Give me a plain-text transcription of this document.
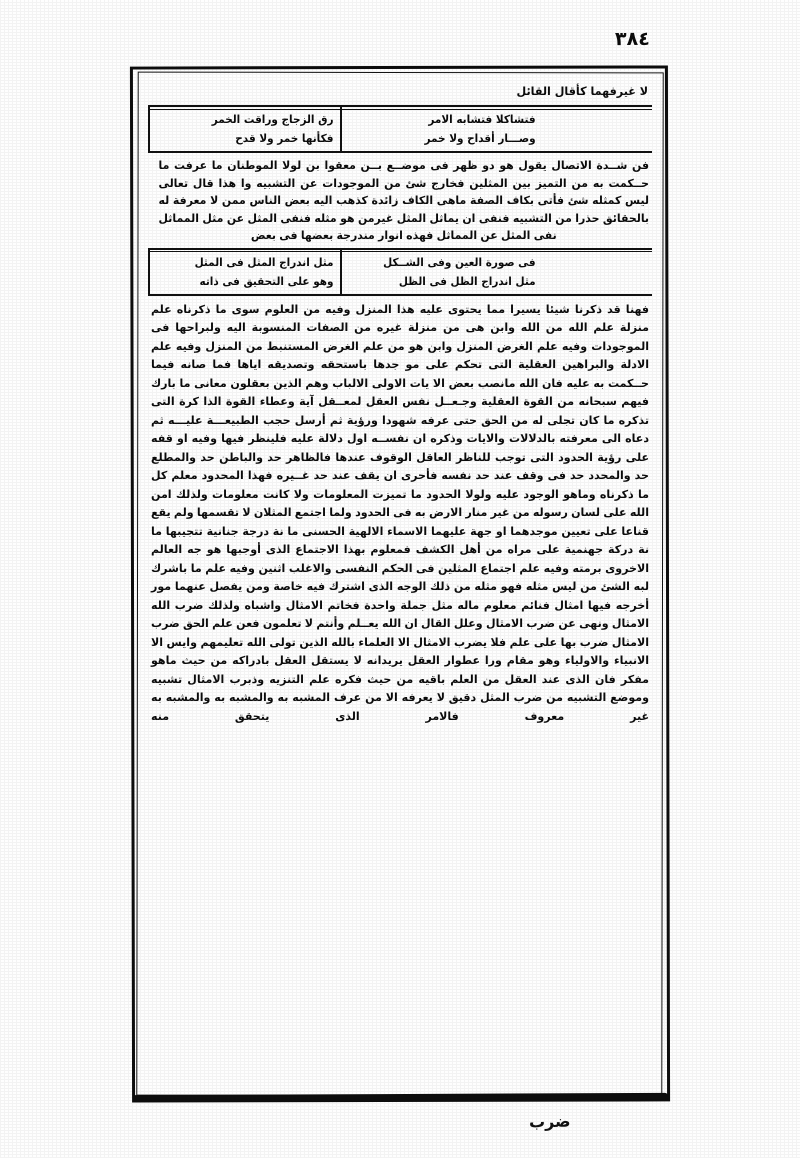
٣٨٤
لا غيرفهما كأقال القائل
فتشاكلا فتشابه الامر
وصـــار أقداح ولا خمر
رق الزجاج وراقت الخمر
فكأنها خمر ولا قدح
فن شــدة الاتصال يقول هو دو ظهر فى موضــع بــن معقوا بن لولا الموطنان ما عرفت ما حــكمت به من التميز بين المثلين فخارج شئ من الموجودات عن التشبيه وا هذا قال تعالى ليس كمثله شئ فأتى بكاف الصفة ماهى الكاف زائدة كذهب اليه بعض الناس ممن لا معرفة له بالحقائق حذرا من التشبيه فنفى ان يماثل المثل غيرمن هو مثله فنفى المثل عن مثل المماثل نفى المثل عن المماثل فهذه انوار مندرجة بعضها فى بعض
فى صورة العين وفى الشــكل
مثل اندراج الظل فى الظل
مثل اندراج المثل فى المثل
وهو على التحقيق فى ذاته
فهنا قد ذكرنا شيئا يسيرا مما يحتوى عليه هذا المنزل وفيه من العلوم سوى ما ذكرناه علم منزلة علم الله من الله وابن هى من منزلة غيره من الصفات المنسوبة اليه ولبراحها فى الموجودات وفيه علم الغرض المنزل وابن هو من علم الغرض المستنبط من المنزل وفيه علم الادلة والبراهين العقلية التى تحكم على مو جدها باستحقه وتصديقه اياها فما صانه فيما حــكمت به عليه فان الله مانصب بعض الا يات الاولى الالباب وهم الذين بعقلون معانى ما بارك فيهم سبحانه من القوة العقلية وجـعــل نفس العقل لمعــقل آية وعطاء القوة الذا كرة التى تذكره ما كان تجلى له من الحق حتى عرفه شهودا ورؤية ثم أرسل حجب الطبيعـــة عليـــه ثم دعاه الى معرفته بالدلالات والايات وذكره ان نفســه اول دلالة عليه فلينظر فيها وفيه او قفه على رؤية الحدود التى توجب للناظر العاقل الوقوف عندها فالظاهر حد والباطن حد والمطلع حد والمحدد حد فى وقف عند حد نفسه فأحرى ان يقف عند حد غــيره فهذا المحدود معلم كل ما ذكرناه وماهو الوجود عليه ولولا الحدود ما تميزت المعلومات ولا كانت معلومات ولذلك امن الله على لسان رسوله من غير منار الارض به فى الحدود ولما اجتمع المثلان لا تقسمها ولم يقع قناعا على تعيين موجدهما او جهة عليهما الاسماء الالهية الحسنى ما نة درجة جنانية تتجيبها ما نة دركة جهنمية على مراه من أهل الكشف فمعلوم بهذا الاجتماع الذى أوجبها هو جه العالم الاخروى برمته وفيه علم اجتماع المثلين فى الحكم النفسى والاغلب اثنين وفيه علم ما باشرك لبه الشئ من ليس مثله فهو مثله من ذلك الوجه الذى اشترك فيه خاصة ومن يفصل عنهما مور أخرجه فيها امثال فنائم معلوم ماله مثل جملة واحدة فخاتم الامثال واشباه ولذلك ضرب الله الامثال ونهى عن ضرب الامثال وعلل القال ان الله يعــلم وأنتم لا تعلمون فعن علم الحق ضرب الامثال ضرب بها على علم فلا يضرب الامثال الا العلماء بالله الذين تولى الله تعليمهم وايس الا الانبياء والاولياء وهو مقام ورا عطوار العقل يريدانه لا يستقل العقل بادراكه من حيث ماهو مفكر فان الذى عند العقل من العلم باقيه من حيث فكره علم التنزيه وذبرب الامثال تشبيه وموضع التشبيه من ضرب المثل دقيق لا يعرفه الا من عرف المشبه به والمشبه به والمشبه به غير معروف فالامر الذى يتحقق منه
ضرب
